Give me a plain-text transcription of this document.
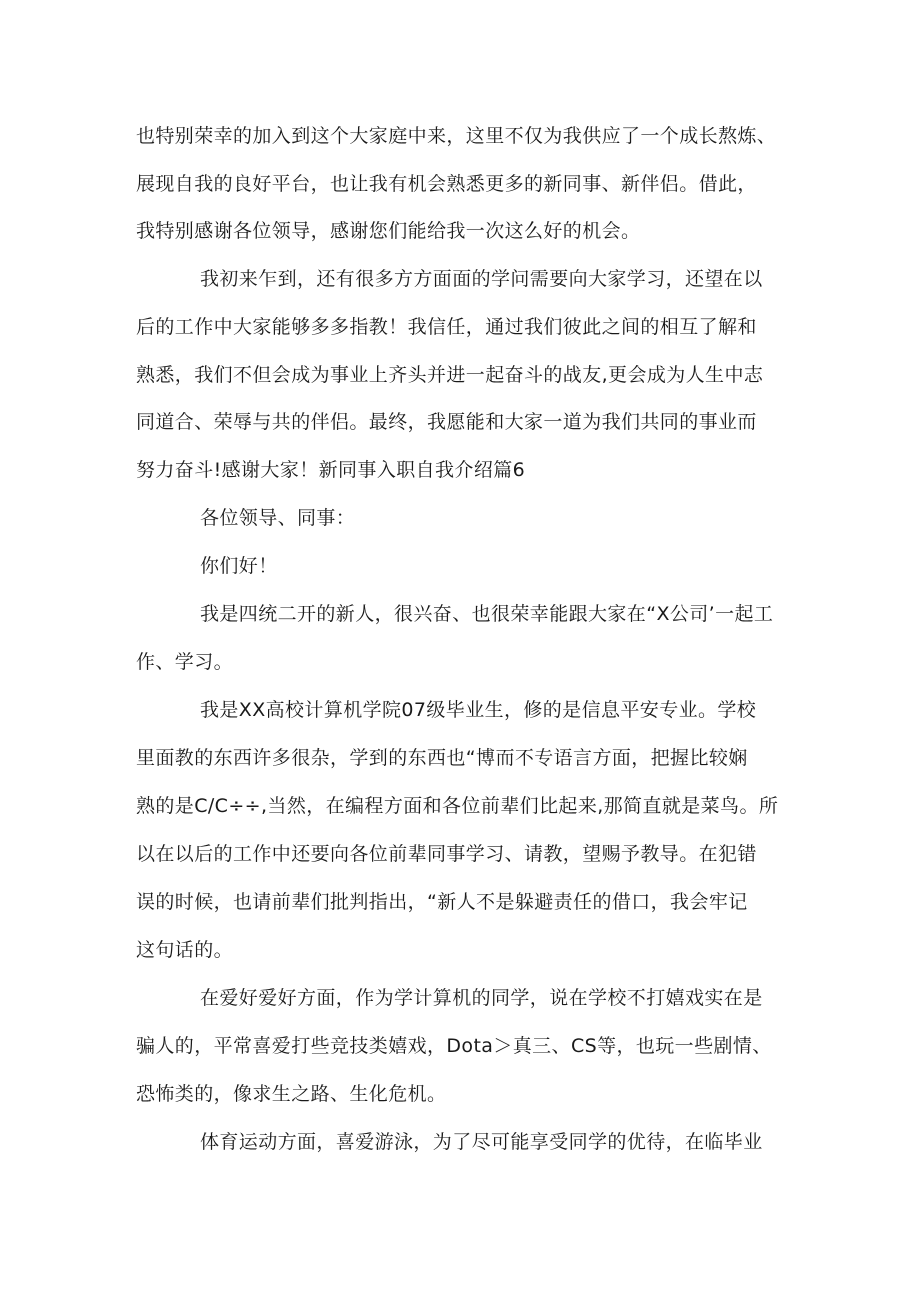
也特别荣幸的加入到这个大家庭中来，这里不仅为我供应了一个成长熬炼、
展现自我的良好平台，也让我有机会熟悉更多的新同事、新伴侣。借此，
我特别感谢各位领导，感谢您们能给我一次这么好的机会。
我初来乍到，还有很多方方面面的学问需要向大家学习，还望在以
后的工作中大家能够多多指教！我信任，通过我们彼此之间的相互了解和
熟悉，我们不但会成为事业上齐头并进一起奋斗的战友,更会成为人生中志
同道合、荣辱与共的伴侣。最终，我愿能和大家一道为我们共同的事业而
努力奋斗!感谢大家！新同事入职自我介绍篇6
各位领导、同事：
你们好！
我是四统二开的新人，很兴奋、也很荣幸能跟大家在“X公司’一起工
作、学习。
我是XX高校计算机学院07级毕业生，修的是信息平安专业。学校
里面教的东西许多很杂，学到的东西也“博而不专语言方面，把握比较娴
熟的是C∕C÷÷,当然，在编程方面和各位前辈们比起来,那简直就是菜鸟。所
以在以后的工作中还要向各位前辈同事学习、请教，望赐予教导。在犯错
误的时候，也请前辈们批判指出，“新人不是躲避责任的借口，我会牢记
这句话的。
在爱好爱好方面，作为学计算机的同学，说在学校不打嬉戏实在是
骗人的，平常喜爱打些竞技类嬉戏，Dota＞真三、CS等，也玩一些剧情、
恐怖类的，像求生之路、生化危机。
体育运动方面，喜爱游泳，为了尽可能享受同学的优待，在临毕业
